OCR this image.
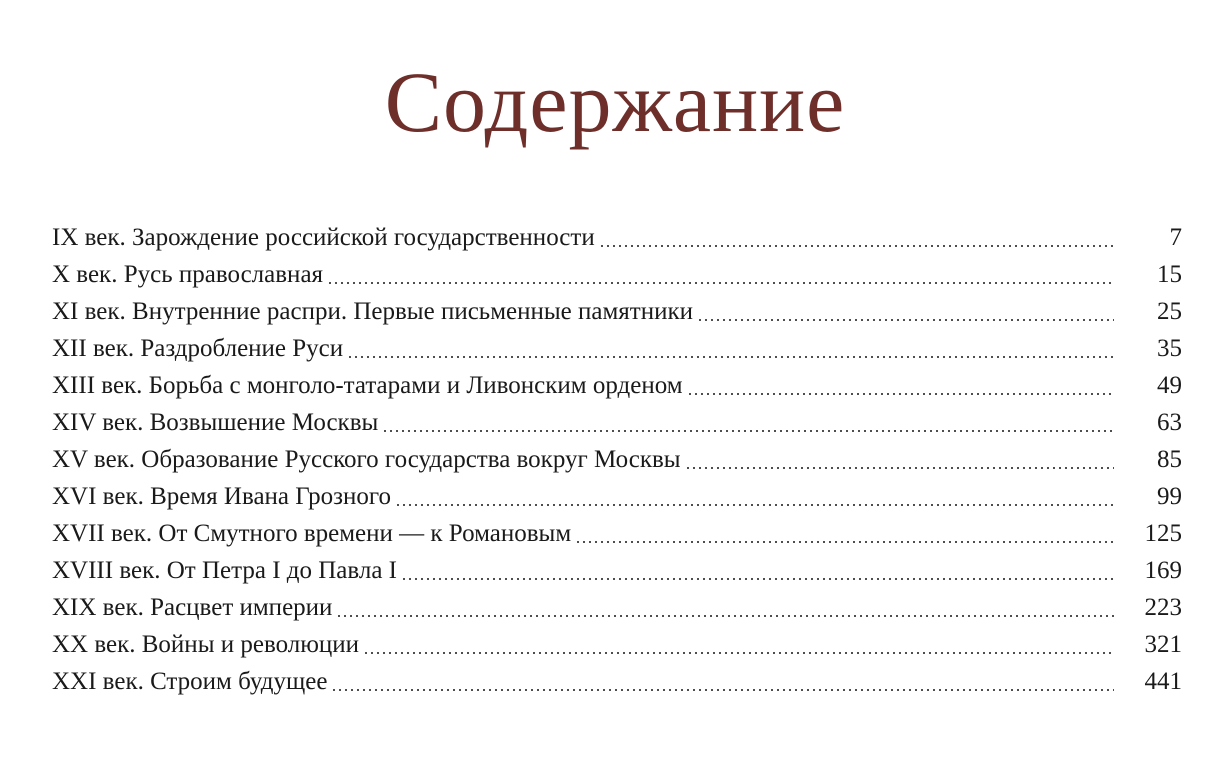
Содержание
IX век. Зарождение российской государственности	7
X век. Русь православная	15
XI век. Внутренние распри. Первые письменные памятники	25
XII век. Раздробление Руси	35
XIII век. Борьба с монголо-татарами и Ливонским орденом	49
XIV век. Возвышение Москвы	63
XV век. Образование Русского государства вокруг Москвы	85
XVI век. Время Ивана Грозного	99
XVII век. От Смутного времени — к Романовым	125
XVIII век. От Петра I до Павла I	169
XIX век. Расцвет империи	223
XX век. Войны и революции	321
XXI век. Строим будущее	441
